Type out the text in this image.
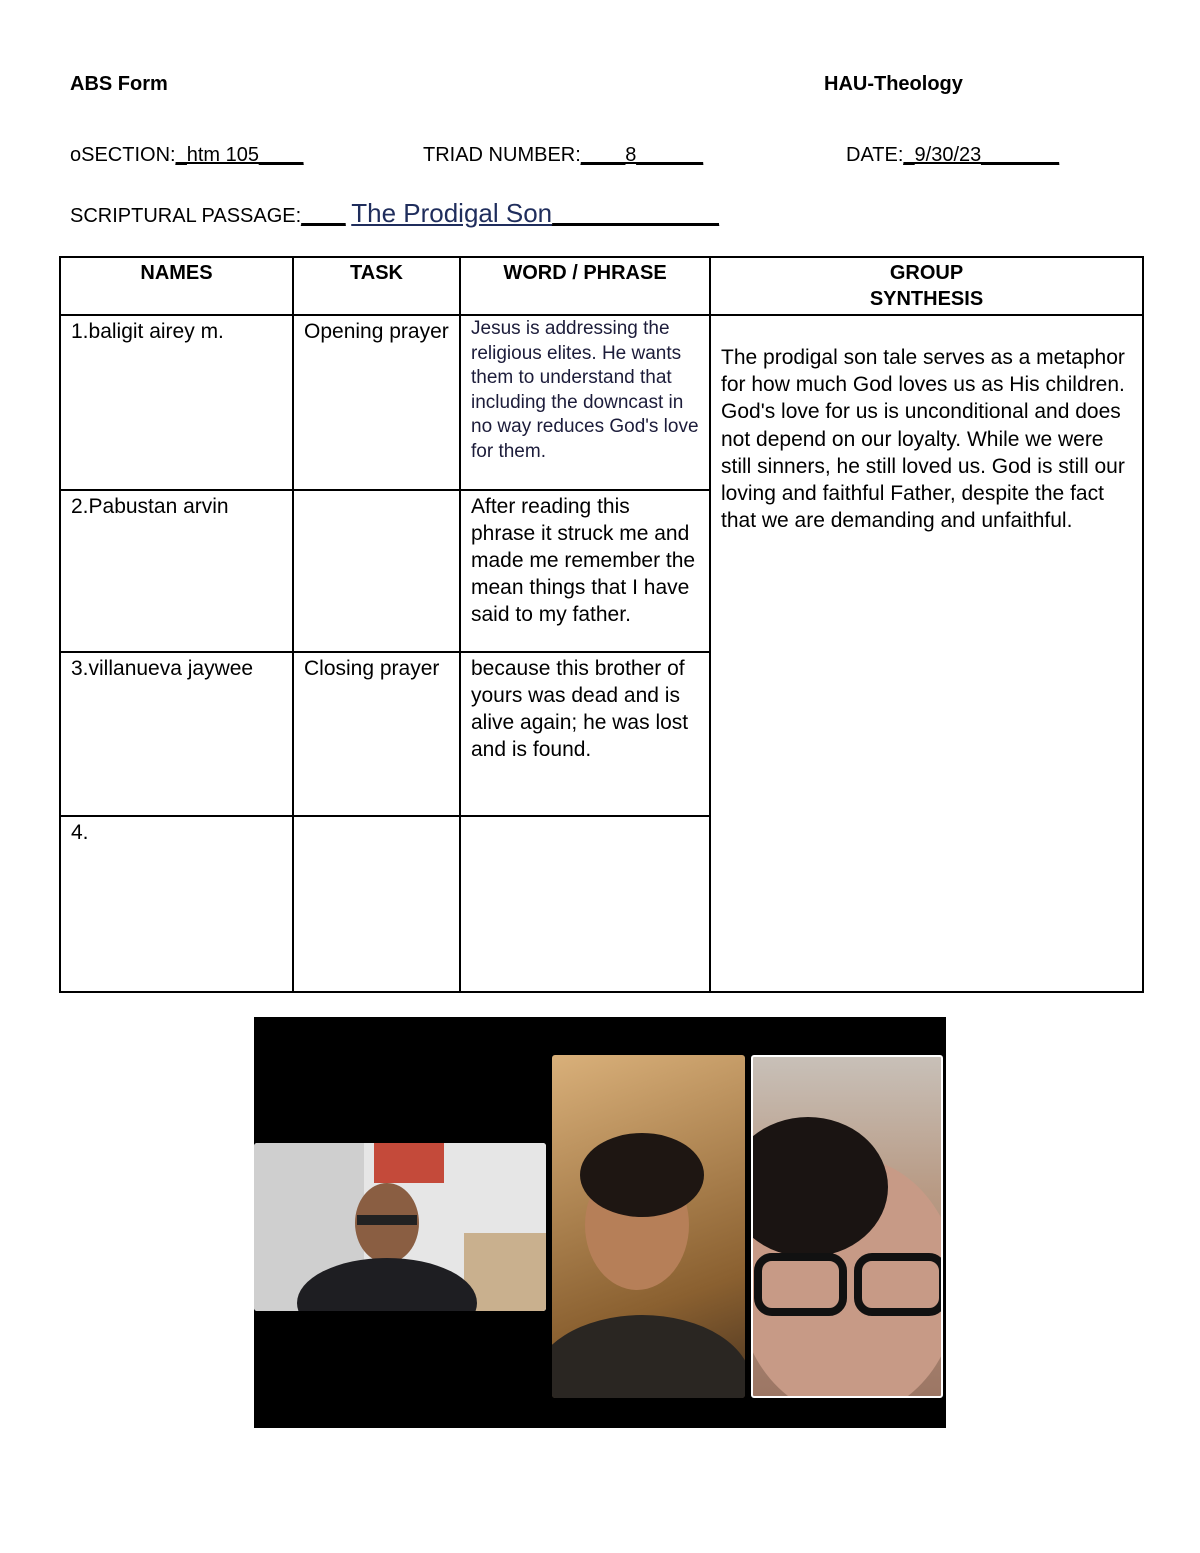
ABS Form	HAU-Theology
oSECTION:_htm 105____	TRIAD NUMBER:____8______	DATE:_9/30/23_______
SCRIPTURAL PASSAGE:____ The Prodigal Son_______________
NAMES	TASK	WORD / PHRASE	GROUP
SYNTHESIS
1.baligit airey m.	Opening prayer	Jesus is addressing the religious elites. He wants them to understand that including the downcast in no way reduces God's love for them.	The prodigal son tale serves as a metaphor for how much God loves us as His children. God's love for us is unconditional and does not depend on our loyalty. While we were still sinners, he still loved us. God is still our loving and faithful Father, despite the fact that we are demanding and unfaithful.
2.Pabustan arvin		After reading this phrase it struck me and made me remember the mean things that I have said to my father.	
3.villanueva jaywee	Closing prayer	because this brother of yours was dead and is alive again; he was lost and is found.	
4.			
